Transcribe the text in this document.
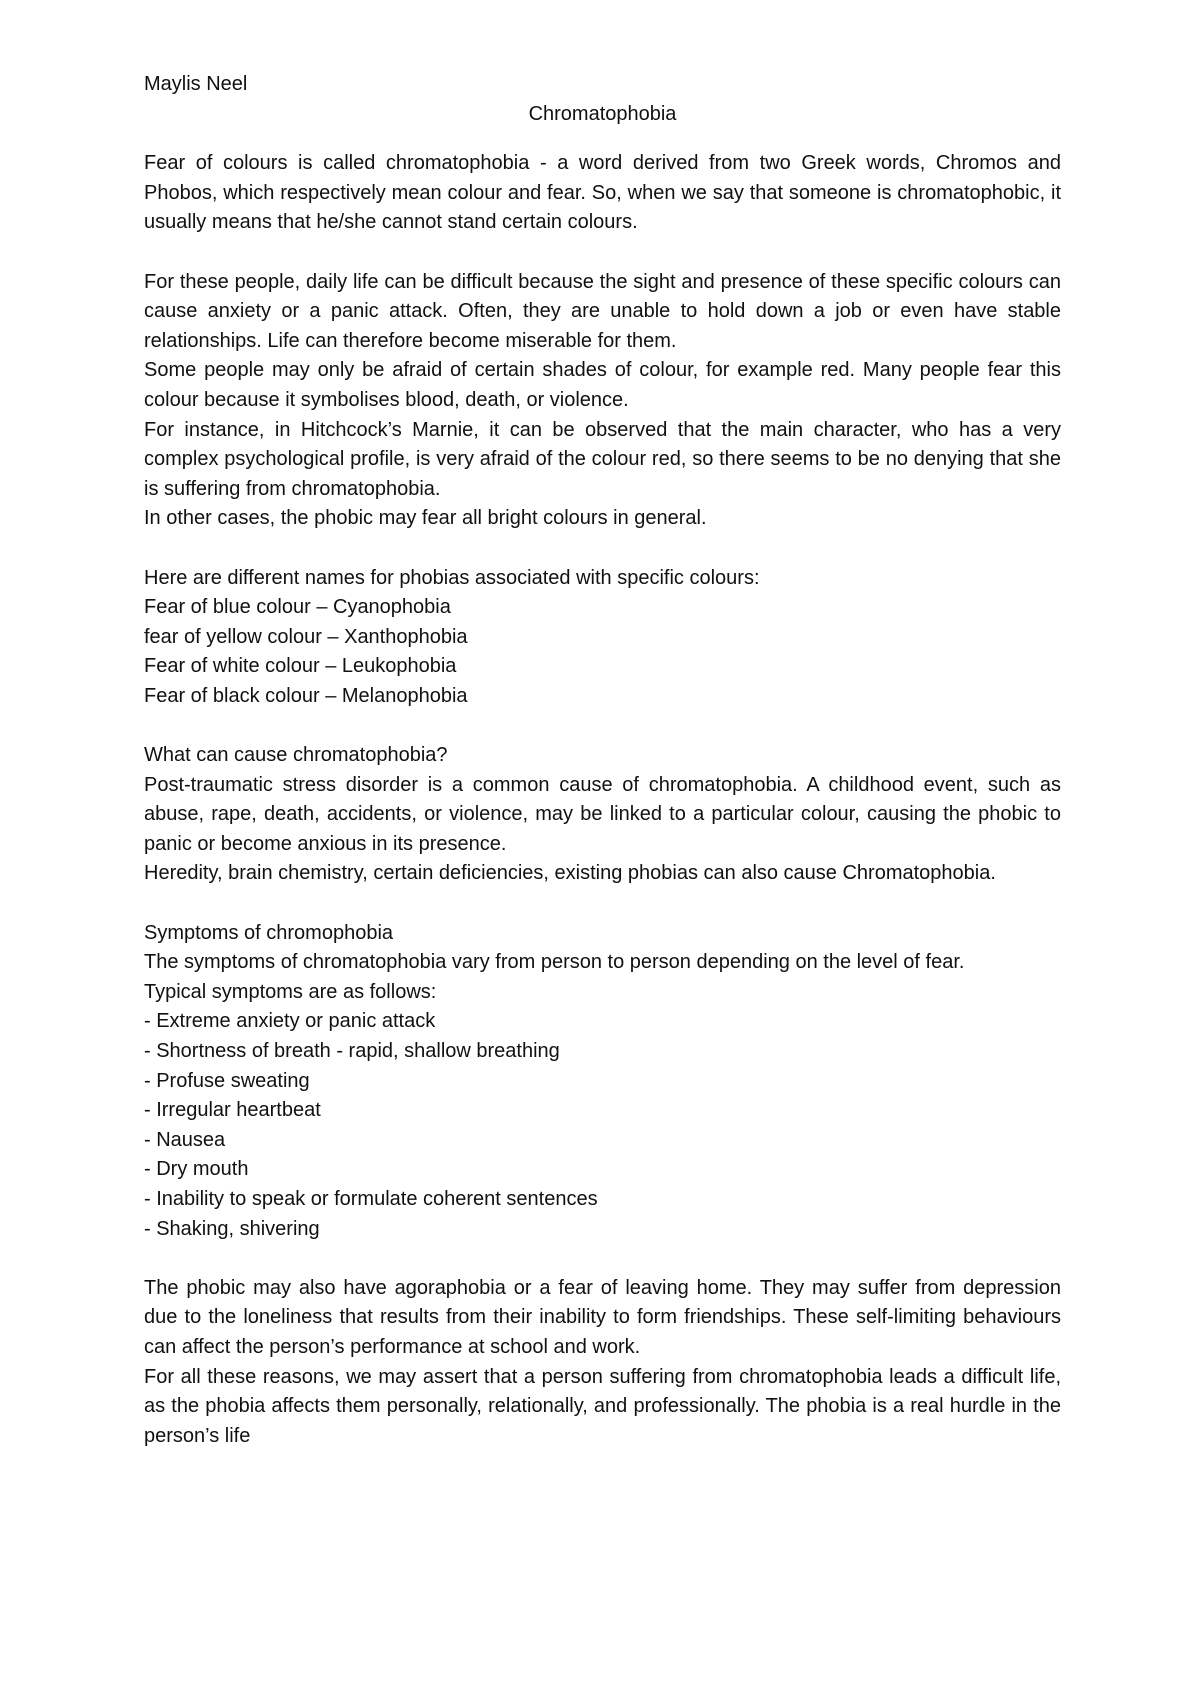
Maylis Neel

Chromatophobia

Fear of colours is called chromatophobia - a word derived from two Greek words, Chromos and Phobos, which respectively mean colour and fear. So, when we say that someone is chromatophobic, it usually means that he/she cannot stand certain colours.

For these people, daily life can be difficult because the sight and presence of these specific colours can cause anxiety or a panic attack. Often, they are unable to hold down a job or even have stable relationships. Life can therefore become miserable for them.

Some people may only be afraid of certain shades of colour, for example red. Many people fear this colour because it symbolises blood, death, or violence.

For instance, in Hitchcock’s Marnie, it can be observed that the main character, who has a very complex psychological profile, is very afraid of the colour red, so there seems to be no denying that she is suffering from chromatophobia.

In other cases, the phobic may fear all bright colours in general.

Here are different names for phobias associated with specific colours:

Fear of blue colour – Cyanophobia
fear of yellow colour – Xanthophobia
Fear of white colour – Leukophobia
Fear of black colour – Melanophobia

What can cause chromatophobia?

Post-traumatic stress disorder is a common cause of chromatophobia. A childhood event, such as abuse, rape, death, accidents, or violence, may be linked to a particular colour, causing the phobic to panic or become anxious in its presence.

Heredity, brain chemistry, certain deficiencies, existing phobias can also cause Chromatophobia.

Symptoms of chromophobia

The symptoms of chromatophobia vary from person to person depending on the level of fear.

Typical symptoms are as follows:

- Extreme anxiety or panic attack
- Shortness of breath - rapid, shallow breathing
- Profuse sweating
- Irregular heartbeat
- Nausea
- Dry mouth
- Inability to speak or formulate coherent sentences
- Shaking, shivering

The phobic may also have agoraphobia or a fear of leaving home. They may suffer from depression due to the loneliness that results from their inability to form friendships. These self-limiting behaviours can affect the person’s performance at school and work.

For all these reasons, we may assert that a person suffering from chromatophobia leads a difficult life, as the phobia affects them personally, relationally, and professionally. The phobia is a real hurdle in the person’s life
